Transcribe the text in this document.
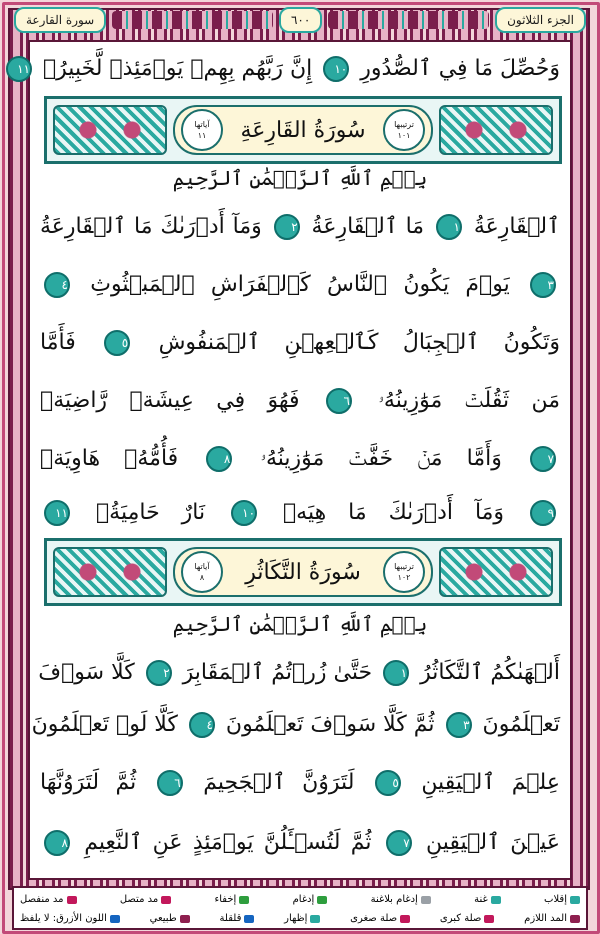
الجزء الثلاثون
٦٠٠
سورة القارعة
وَحُصِّلَ مَا فِي ٱلصُّدُورِ ١٠ إِنَّ رَبَّهُم بِهِمۡ يَوۡمَئِذٖ لَّخَبِيرُۢ ١١
ترتيبها
١٠١
سُورَةُ القَارِعَةِ
آياتها
١١
بِسۡمِ ٱللَّهِ ٱلرَّحۡمَٰنِ ٱلرَّحِيمِ
ٱلۡقَارِعَةُ ١ مَا ٱلۡقَارِعَةُ ٢ وَمَآ أَدۡرَىٰكَ مَا ٱلۡقَارِعَةُ
٣ يَوۡمَ يَكُونُ ٱلنَّاسُ كَٱلۡفَرَاشِ ٱلۡمَبۡثُوثِ ٤
وَتَكُونُ ٱلۡجِبَالُ كَٱلۡعِهۡنِ ٱلۡمَنفُوشِ ٥ فَأَمَّا
مَن ثَقُلَتۡ مَوَٰزِينُهُۥ ٦ فَهُوَ فِي عِيشَةٖ رَّاضِيَةٖ
٧ وَأَمَّا مَنۡ خَفَّتۡ مَوَٰزِينُهُۥ ٨ فَأُمُّهُۥ هَاوِيَةٞ
٩ وَمَآ أَدۡرَىٰكَ مَا هِيَهۡ ١٠ نَارٌ حَامِيَةُۢ ١١
ترتيبها
١٠٢
سُورَةُ التَّكَاثُرِ
آياتها
٨
بِسۡمِ ٱللَّهِ ٱلرَّحۡمَٰنِ ٱلرَّحِيمِ
أَلۡهَىٰكُمُ ٱلتَّكَاثُرُ ١ حَتَّىٰ زُرۡتُمُ ٱلۡمَقَابِرَ ٢ كَلَّا سَوۡفَ
تَعۡلَمُونَ ٣ ثُمَّ كَلَّا سَوۡفَ تَعۡلَمُونَ ٤ كَلَّا لَوۡ تَعۡلَمُونَ
عِلۡمَ ٱلۡيَقِينِ ٥ لَتَرَوُنَّ ٱلۡجَحِيمَ ٦ ثُمَّ لَتَرَوُنَّهَا
عَيۡنَ ٱلۡيَقِينِ ٧ ثُمَّ لَتُسۡـَٔلُنَّ يَوۡمَئِذٍ عَنِ ٱلنَّعِيمِ ٨
إقلاب
غنة
إدغام بلاغنة
إدغام
إخفاء
مد متصل
مد منفصل
المد اللازم
صلة كبرى
صلة صغرى
إظهار
قلقلة
طبيعي
اللون الأزرق: لا يلفظ
